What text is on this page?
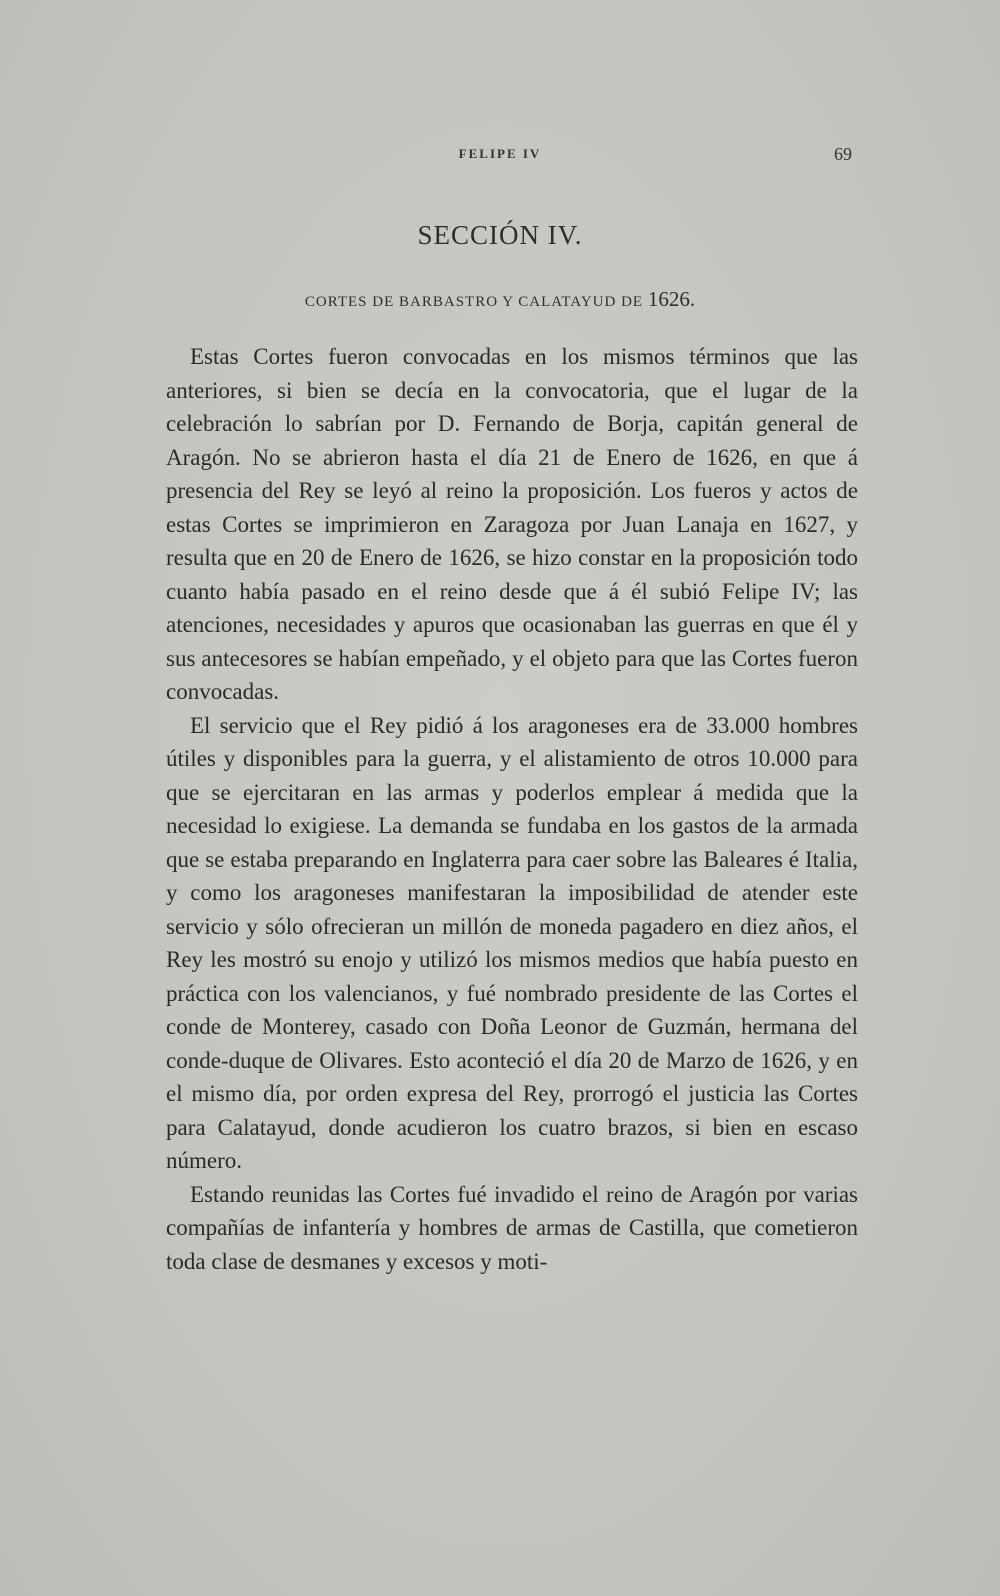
FELIPE IV	69
SECCIÓN IV.
CORTES DE BARBASTRO Y CALATAYUD DE 1626.

Estas Cortes fueron convocadas en los mismos términos que las anteriores, si bien se decía en la convocatoria, que el lugar de la celebración lo sabrían por D. Fernando de Borja, capitán general de Aragón. No se abrieron hasta el día 21 de Enero de 1626, en que á presencia del Rey se leyó al reino la proposición. Los fueros y actos de estas Cortes se imprimieron en Zaragoza por Juan Lanaja en 1627, y resulta que en 20 de Enero de 1626, se hizo constar en la proposición todo cuanto había pasado en el reino desde que á él subió Felipe IV; las atenciones, necesidades y apuros que ocasionaban las guerras en que él y sus antecesores se habían empeñado, y el objeto para que las Cortes fueron convocadas.

El servicio que el Rey pidió á los aragoneses era de 33.000 hombres útiles y disponibles para la guerra, y el alistamiento de otros 10.000 para que se ejercitaran en las armas y poderlos emplear á medida que la necesidad lo exigiese. La demanda se fundaba en los gastos de la armada que se estaba preparando en Inglaterra para caer sobre las Baleares é Italia, y como los aragoneses manifestaran la imposibilidad de atender este servicio y sólo ofrecieran un millón de moneda pagadero en diez años, el Rey les mostró su enojo y utilizó los mismos medios que había puesto en práctica con los valencianos, y fué nombrado presidente de las Cortes el conde de Monterey, casado con Doña Leonor de Guzmán, hermana del conde-duque de Olivares. Esto aconteció el día 20 de Marzo de 1626, y en el mismo día, por orden expresa del Rey, prorrogó el justicia las Cortes para Calatayud, donde acudieron los cuatro brazos, si bien en escaso número.

Estando reunidas las Cortes fué invadido el reino de Aragón por varias compañías de infantería y hombres de armas de Castilla, que cometieron toda clase de desmanes y excesos y moti-
